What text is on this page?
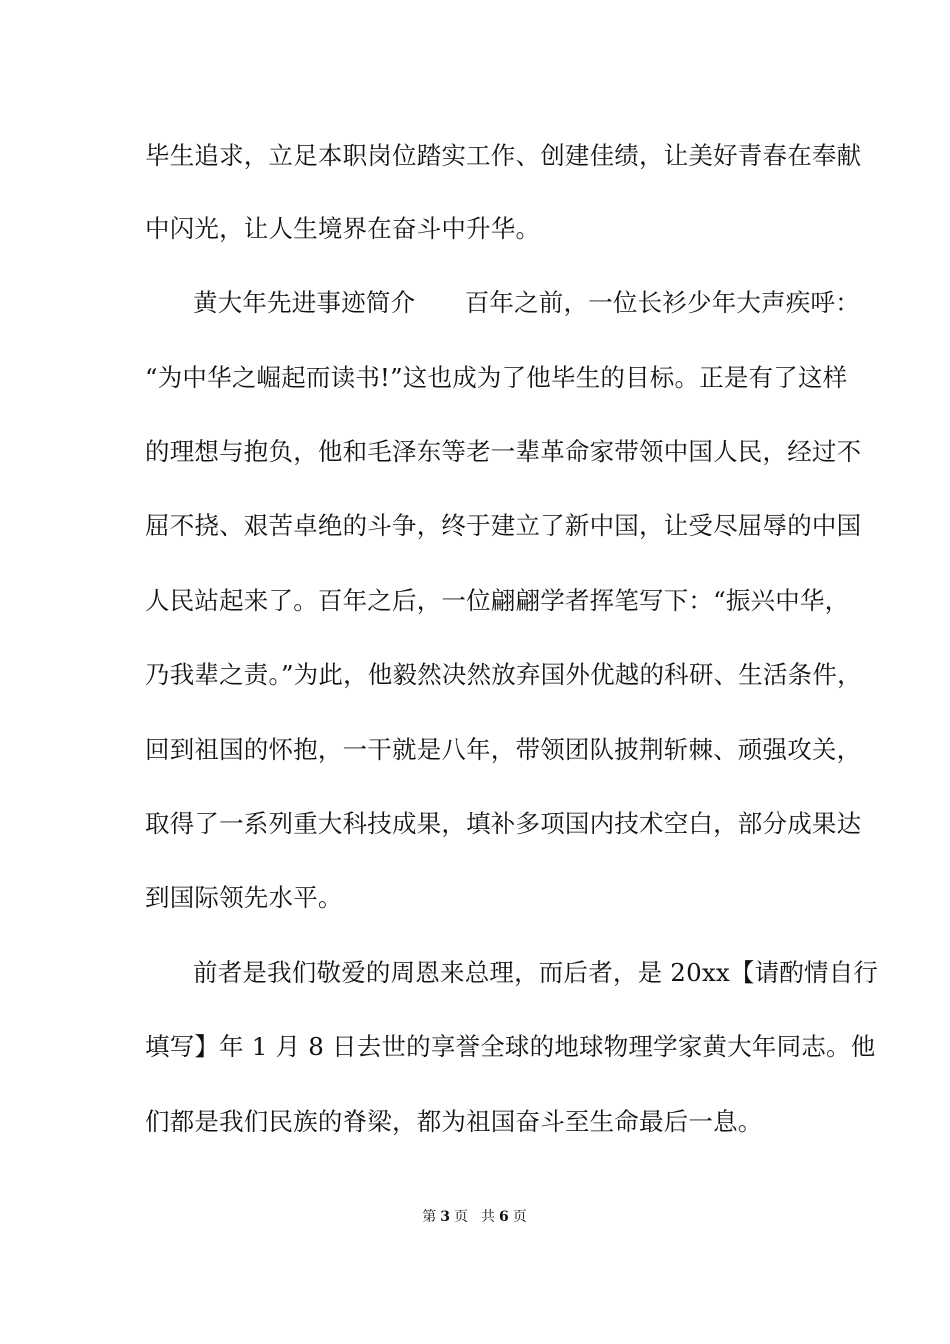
毕生追求，立足本职岗位踏实工作、创建佳绩，让美好青春在奉献
中闪光，让人生境界在奋斗中升华。
黄大年先进事迹简介　　百年之前，一位长衫少年大声疾呼：
“为中华之崛起而读书!”这也成为了他毕生的目标。正是有了这样
的理想与抱负，他和毛泽东等老一辈革命家带领中国人民，经过不
屈不挠、艰苦卓绝的斗争，终于建立了新中国，让受尽屈辱的中国
人民站起来了。百年之后，一位翩翩学者挥笔写下：“振兴中华，
乃我辈之责。”为此，他毅然决然放弃国外优越的科研、生活条件，
回到祖国的怀抱，一干就是八年，带领团队披荆斩棘、顽强攻关，
取得了一系列重大科技成果，填补多项国内技术空白，部分成果达
到国际领先水平。
前者是我们敬爱的周恩来总理，而后者，是 20xx【请酌情自行
填写】年 1 月 8 日去世的享誉全球的地球物理学家黄大年同志。他
们都是我们民族的脊梁，都为祖国奋斗至生命最后一息。
第 3 页 共 6 页
